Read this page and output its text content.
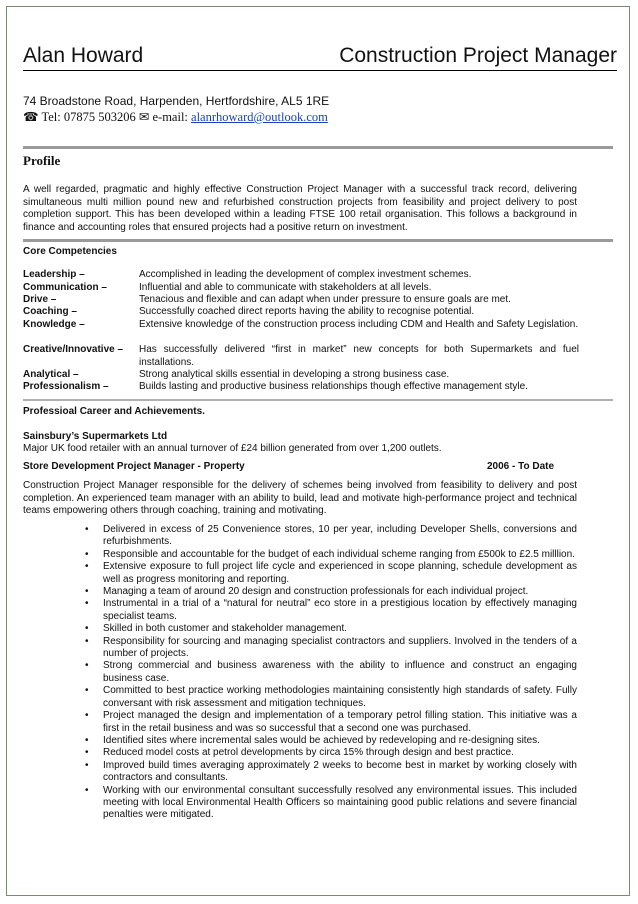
Alan Howard	Construction Project Manager
74 Broadstone Road, Harpenden, Hertfordshire, AL5 1RE
☎ Tel: 07875 503206 ✉ e-mail: alanrhoward@outlook.com
Profile
A well regarded, pragmatic and highly effective Construction Project Manager with a successful track record, delivering simultaneous multi million pound new and refurbished construction projects from feasibility and project delivery to post completion support. This has been developed within a leading FTSE 100 retail organisation. This follows a background in finance and accounting roles that ensured projects had a positive return on investment.
Core Competencies
Leadership –	Accomplished in leading the development of complex investment schemes.
Communication –	Influential and able to communicate with stakeholders at all levels.
Drive –	Tenacious and flexible and can adapt when under pressure to ensure goals are met.
Coaching –	Successfully coached direct reports having the ability to recognise potential.
Knowledge –	Extensive knowledge of the construction process including CDM and Health and Safety Legislation.
Creative/Innovative – Has successfully delivered “first in market” new concepts for both Supermarkets and fuel installations.
Analytical –	Strong analytical skills essential in developing a strong business case.
Professionalism –	Builds lasting and productive business relationships though effective management style.
Professioal Career and Achievements.
Sainsbury’s Supermarkets Ltd
Major UK food retailer with an annual turnover of £24 billion generated from over 1,200 outlets.
Store Development Project Manager - Property	2006 - To Date
Construction Project Manager responsible for the delivery of schemes being involved from feasibility to delivery and post completion. An experienced team manager with an ability to build, lead and motivate high-performance project and technical teams empowering others through coaching, training and motivating.
• Delivered in excess of 25 Convenience stores, 10 per year, including Developer Shells, conversions and refurbishments.
• Responsible and accountable for the budget of each individual scheme ranging from £500k to £2.5 milllion.
• Extensive exposure to full project life cycle and experienced in scope planning, schedule development as well as progress monitoring and reporting.
• Managing a team of around 20 design and construction professionals for each individual project.
• Instrumental in a trial of a “natural for neutral” eco store in a prestigious location by effectively managing specialist teams.
• Skilled in both customer and stakeholder management.
• Responsibility for sourcing and managing specialist contractors and suppliers. Involved in the tenders of a number of projects.
• Strong commercial and business awareness with the ability to influence and construct an engaging business case.
• Committed to best practice working methodologies maintaining consistently high standards of safety. Fully conversant with risk assessment and mitigation techniques.
• Project managed the design and implementation of a temporary petrol filling station. This initiative was a first in the retail business and was so successful that a second one was purchased.
• Identified sites where incremental sales would be achieved by redeveloping and re-designing sites.
• Reduced model costs at petrol developments by circa 15% through design and best practice.
• Improved build times averaging approximately 2 weeks to become best in market by working closely with contractors and consultants.
• Working with our environmental consultant successfully resolved any environmental issues. This included meeting with local Environmental Health Officers so maintaining good public relations and severe financial penalties were mitigated.
